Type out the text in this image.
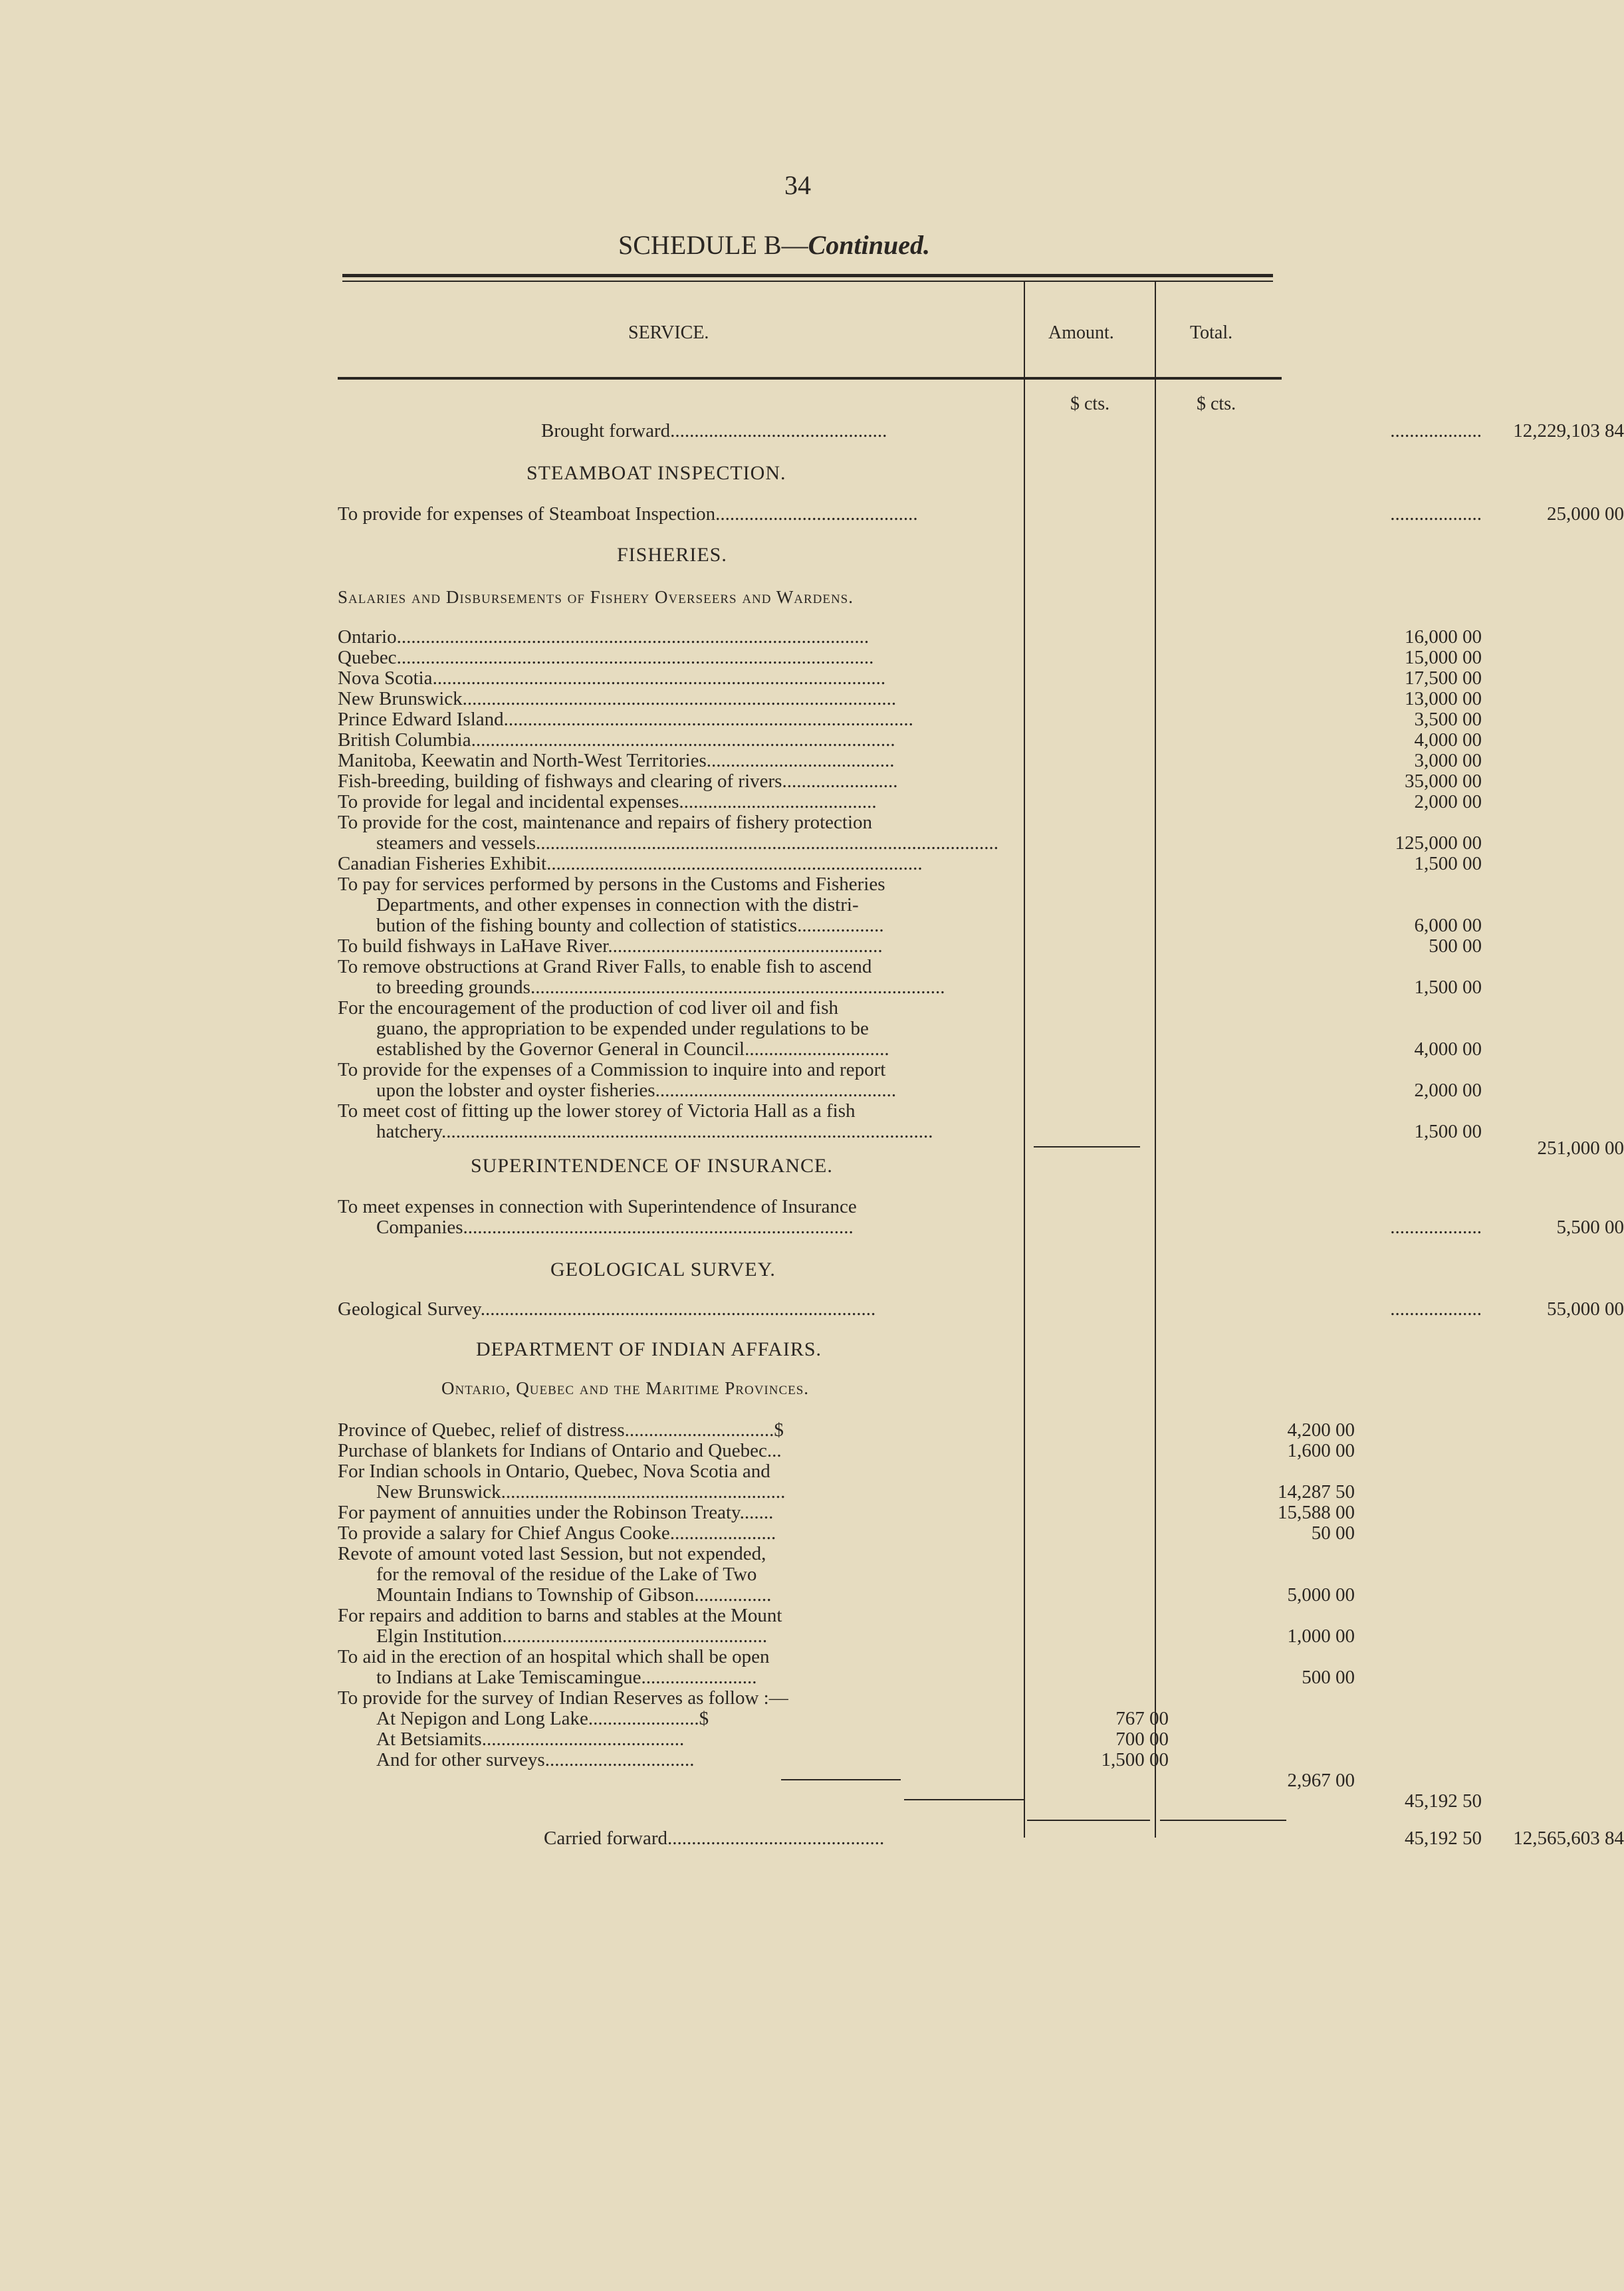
34
SCHEDULE B—Continued.
SERVICE.	Amount.	Total.
$ cts.	$ cts.
Brought forward.............................................	...................	12,229,103 84
STEAMBOAT INSPECTION.
To provide for expenses of Steamboat Inspection..........................................	...................	25,000 00
FISHERIES.
Salaries and Disbursements of Fishery Overseers and Wardens.
Ontario..................................................................................................	16,000 00
Quebec...................................................................................................	15,000 00
Nova Scotia..............................................................................................	17,500 00
New Brunswick..........................................................................................	13,000 00
Prince Edward Island.....................................................................................	3,500 00
British Columbia........................................................................................	4,000 00
Manitoba, Keewatin and North-West Territories.......................................	3,000 00
Fish-breeding, building of fishways and clearing of rivers........................	35,000 00
To provide for legal and incidental expenses.........................................	2,000 00
To provide for the cost, maintenance and repairs of fishery protection
steamers and vessels................................................................................................	125,000 00
Canadian Fisheries Exhibit..............................................................................	1,500 00
To pay for services performed by persons in the Customs and Fisheries
Departments, and other expenses in connection with the distri-
bution of the fishing bounty and collection of statistics..................	6,000 00
To build fishways in LaHave River.........................................................	500 00
To remove obstructions at Grand River Falls, to enable fish to ascend
to breeding grounds......................................................................................	1,500 00
For the encouragement of the production of cod liver oil and fish
guano, the appropriation to be expended under regulations to be
established by the Governor General in Council..............................	4,000 00
To provide for the expenses of a Commission to inquire into and report
upon the lobster and oyster fisheries..................................................	2,000 00
To meet cost of fitting up the lower storey of Victoria Hall as a fish
hatchery......................................................................................................	1,500 00
251,000 00
SUPERINTENDENCE OF INSURANCE.
To meet expenses in connection with Superintendence of Insurance
Companies.................................................................................	...................	5,500 00
GEOLOGICAL SURVEY.
Geological Survey..................................................................................	...................	55,000 00
DEPARTMENT OF INDIAN AFFAIRS.
Ontario, Quebec and the Maritime Provinces.
Province of Quebec, relief of distress...............................$	4,200 00
Purchase of blankets for Indians of Ontario and Quebec...	1,600 00
For Indian schools in Ontario, Quebec, Nova Scotia and
New Brunswick...........................................................	14,287 50
For payment of annuities under the Robinson Treaty.......	15,588 00
To provide a salary for Chief Angus Cooke......................	50 00
Revote of amount voted last Session, but not expended,
for the removal of the residue of the Lake of Two
Mountain Indians to Township of Gibson................	5,000 00
For repairs and addition to barns and stables at the Mount
Elgin Institution.......................................................	1,000 00
To aid in the erection of an hospital which shall be open
to Indians at Lake Temiscamingue........................	500 00
To provide for the survey of Indian Reserves as follow :—
At Nepigon and Long Lake.......................$	767 00
At Betsiamits..........................................	700 00
And for other surveys...............................	1,500 00
2,967 00
45,192 50
Carried forward.............................................	45,192 50	12,565,603 84
